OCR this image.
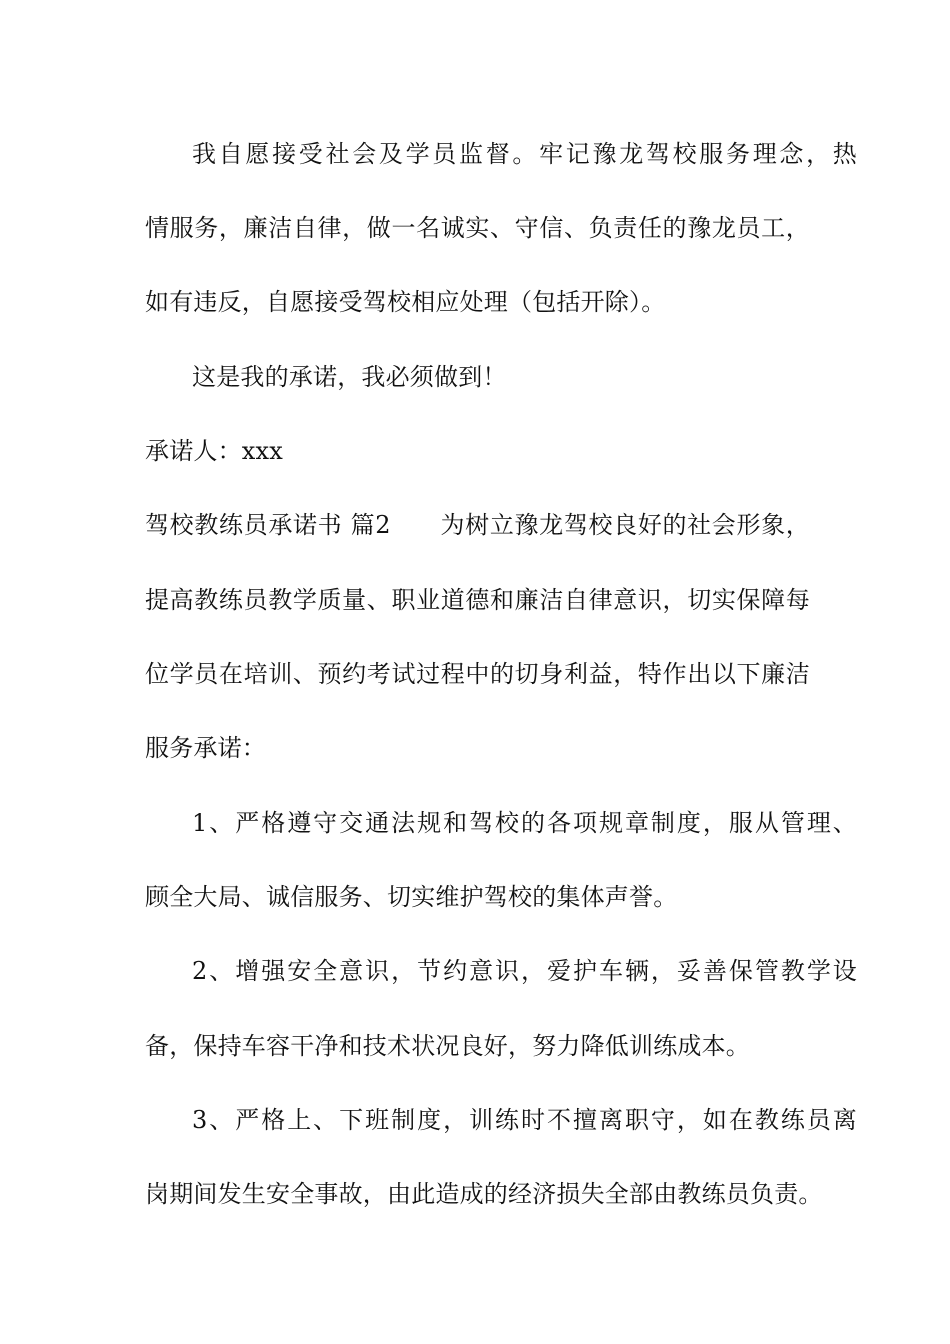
我自愿接受社会及学员监督。牢记豫龙驾校服务理念，热
情服务，廉洁自律，做一名诚实、守信、负责任的豫龙员工，
如有违反，自愿接受驾校相应处理（包括开除）。
这是我的承诺，我必须做到！
承诺人：xxx
驾校教练员承诺书 篇2　　为树立豫龙驾校良好的社会形象，
提高教练员教学质量、职业道德和廉洁自律意识，切实保障每
位学员在培训、预约考试过程中的切身利益，特作出以下廉洁
服务承诺：
1、严格遵守交通法规和驾校的各项规章制度，服从管理、
顾全大局、诚信服务、切实维护驾校的集体声誉。
2、增强安全意识，节约意识，爱护车辆，妥善保管教学设
备，保持车容干净和技术状况良好，努力降低训练成本。
3、严格上、下班制度，训练时不擅离职守，如在教练员离
岗期间发生安全事故，由此造成的经济损失全部由教练员负责。
